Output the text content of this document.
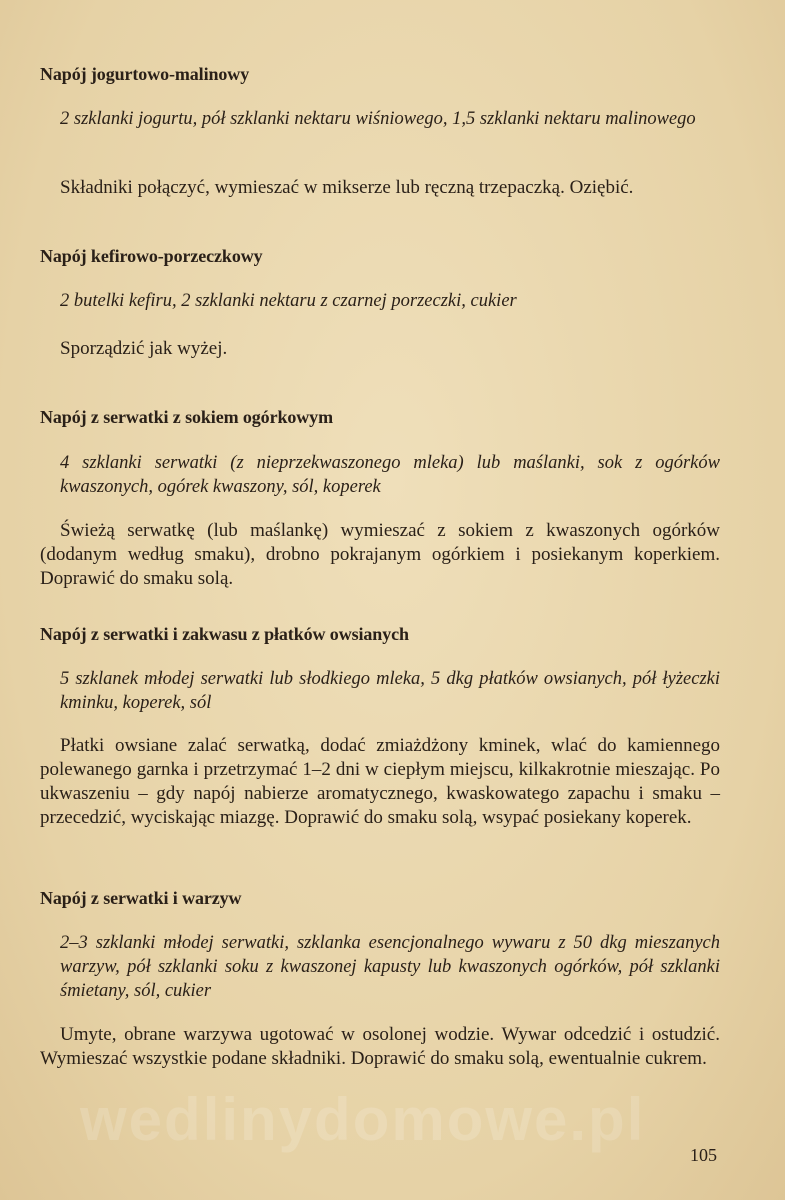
Napój jogurtowo-malinowy
2 szklanki jogurtu, pół szklanki nektaru wiśniowego, 1,5 szklanki nektaru malinowego
Składniki połączyć, wymieszać w mikserze lub ręczną trzepaczką. Oziębić.
Napój kefirowo-porzeczkowy
2 butelki kefiru, 2 szklanki nektaru z czarnej porzeczki, cukier
Sporządzić jak wyżej.
Napój z serwatki z sokiem ogórkowym
4 szklanki serwatki (z nieprzekwaszonego mleka) lub maślanki, sok z ogórków kwaszonych, ogórek kwaszony, sól, koperek
Świeżą serwatkę (lub maślankę) wymieszać z sokiem z kwaszonych ogórków (dodanym według smaku), drobno pokrajanym ogórkiem i posiekanym koperkiem. Doprawić do smaku solą.
Napój z serwatki i zakwasu z płatków owsianych
5 szklanek młodej serwatki lub słodkiego mleka, 5 dkg płatków owsianych, pół łyżeczki kminku, koperek, sól
Płatki owsiane zalać serwatką, dodać zmiażdżony kminek, wlać do kamiennego polewanego garnka i przetrzymać 1–2 dni w ciepłym miejscu, kilkakrotnie mieszając. Po ukwaszeniu – gdy napój nabierze aromatycznego, kwaskowatego zapachu i smaku – przecedzić, wyciskając miazgę. Doprawić do smaku solą, wsypać posiekany koperek.
Napój z serwatki i warzyw
2–3 szklanki młodej serwatki, szklanka esencjonalnego wywaru z 50 dkg mieszanych warzyw, pół szklanki soku z kwaszonej kapusty lub kwaszonych ogórków, pół szklanki śmietany, sól, cukier
Umyte, obrane warzywa ugotować w osolonej wodzie. Wywar odcedzić i ostudzić. Wymieszać wszystkie podane składniki. Doprawić do smaku solą, ewentualnie cukrem.
wedlinydomowe.pl
105
